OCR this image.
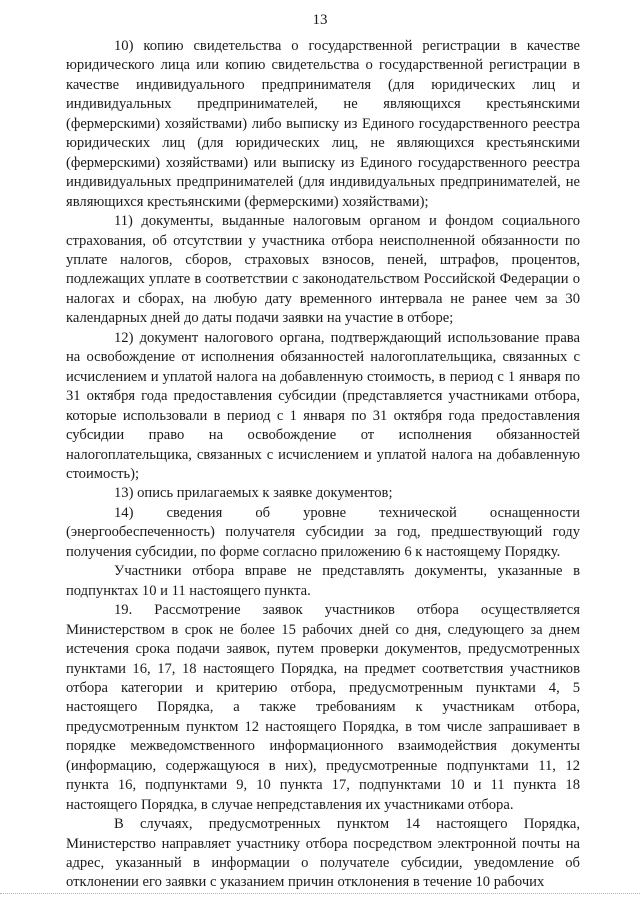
13

10) копию свидетельства о государственной регистрации в качестве юридического лица или копию свидетельства о государственной регистрации в качестве индивидуального предпринимателя (для юридических лиц и индивидуальных предпринимателей, не являющихся крестьянскими (фермерскими) хозяйствами) либо выписку из Единого государственного реестра юридических лиц (для юридических лиц, не являющихся крестьянскими (фермерскими) хозяйствами) или выписку из Единого государственного реестра индивидуальных предпринимателей (для индивидуальных предпринимателей, не являющихся крестьянскими (фермерскими) хозяйствами);

11) документы, выданные налоговым органом и фондом социального страхования, об отсутствии у участника отбора неисполненной обязанности по уплате налогов, сборов, страховых взносов, пеней, штрафов, процентов, подлежащих уплате в соответствии с законодательством Российской Федерации о налогах и сборах, на любую дату временного интервала не ранее чем за 30 календарных дней до даты подачи заявки на участие в отборе;

12) документ налогового органа, подтверждающий использование права на освобождение от исполнения обязанностей налогоплательщика, связанных с исчислением и уплатой налога на добавленную стоимость, в период с 1 января по 31 октября года предоставления субсидии (представляется участниками отбора, которые использовали в период с 1 января по 31 октября года предоставления субсидии право на освобождение от исполнения обязанностей налогоплательщика, связанных с исчислением и уплатой налога на добавленную стоимость);

13) опись прилагаемых к заявке документов;

14) сведения об уровне технической оснащенности (энергообеспеченность) получателя субсидии за год, предшествующий году получения субсидии, по форме согласно приложению 6 к настоящему Порядку.

Участники отбора вправе не представлять документы, указанные в подпунктах 10 и 11 настоящего пункта.

19. Рассмотрение заявок участников отбора осуществляется Министерством в срок не более 15 рабочих дней со дня, следующего за днем истечения срока подачи заявок, путем проверки документов, предусмотренных пунктами 16, 17, 18 настоящего Порядка, на предмет соответствия участников отбора категории и критерию отбора, предусмотренным пунктами 4, 5 настоящего Порядка, а также требованиям к участникам отбора, предусмотренным пунктом 12 настоящего Порядка, в том числе запрашивает в порядке межведомственного информационного взаимодействия документы (информацию, содержащуюся в них), предусмотренные подпунктами 11, 12 пункта 16, подпунктами 9, 10 пункта 17, подпунктами 10 и 11 пункта 18 настоящего Порядка, в случае непредставления их участниками отбора.

В случаях, предусмотренных пунктом 14 настоящего Порядка, Министерство направляет участнику отбора посредством электронной почты на адрес, указанный в информации о получателе субсидии, уведомление об отклонении его заявки с указанием причин отклонения в течение 10 рабочих
